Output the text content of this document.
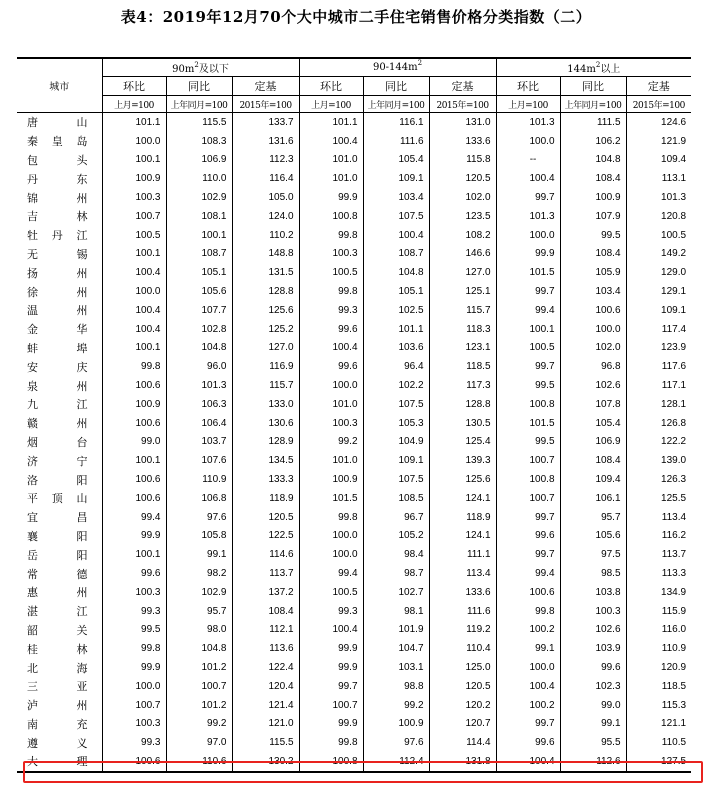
表4：2019年12月70个大中城市二手住宅销售价格分类指数（二）
城市	$90m^2$及以下			$90-144m^2$			$144m^2$以上		
	环比	同比	定基	环比	同比	定基	环比	同比	定基
	上月=100	上年同月=100	2015年=100	上月=100	上年同月=100	2015年=100	上月=100	上年同月=100	2015年=100
唐山	101.1	115.5	133.7	101.1	116.1	131.0	101.3	111.5	124.6
秦皇岛	100.0	108.3	131.6	100.4	111.6	133.6	100.0	106.2	121.9
包头	100.1	106.9	112.3	101.0	105.4	115.8	--	104.8	109.4
丹东	100.9	110.0	116.4	101.0	109.1	120.5	100.4	108.4	113.1
锦州	100.3	102.9	105.0	99.9	103.4	102.0	99.7	100.9	101.3
吉林	100.7	108.1	124.0	100.8	107.5	123.5	101.3	107.9	120.8
牡丹江	100.5	100.1	110.2	99.8	100.4	108.2	100.0	99.5	100.5
无锡	100.1	108.7	148.8	100.3	108.7	146.6	99.9	108.4	149.2
扬州	100.4	105.1	131.5	100.5	104.8	127.0	101.5	105.9	129.0
徐州	100.0	105.6	128.8	99.8	105.1	125.1	99.7	103.4	129.1
温州	100.4	107.7	125.6	99.3	102.5	115.7	99.4	100.6	109.1
金华	100.4	102.8	125.2	99.6	101.1	118.3	100.1	100.0	117.4
蚌埠	100.1	104.8	127.0	100.4	103.6	123.1	100.5	102.0	123.9
安庆	99.8	96.0	116.9	99.6	96.4	118.5	99.7	96.8	117.6
泉州	100.6	101.3	115.7	100.0	102.2	117.3	99.5	102.6	117.1
九江	100.9	106.3	133.0	101.0	107.5	128.8	100.8	107.8	128.1
赣州	100.6	106.4	130.6	100.3	105.3	130.5	101.5	105.4	126.8
烟台	99.0	103.7	128.9	99.2	104.9	125.4	99.5	106.9	122.2
济宁	100.1	107.6	134.5	101.0	109.1	139.3	100.7	108.4	139.0
洛阳	100.6	110.9	133.3	100.9	107.5	125.6	100.8	109.4	126.3
平顶山	100.6	106.8	118.9	101.5	108.5	124.1	100.7	106.1	125.5
宜昌	99.4	97.6	120.5	99.8	96.7	118.9	99.7	95.7	113.4
襄阳	99.9	105.8	122.5	100.0	105.2	124.1	99.6	105.6	116.2
岳阳	100.1	99.1	114.6	100.0	98.4	111.1	99.7	97.5	113.7
常德	99.6	98.2	113.7	99.4	98.7	113.4	99.4	98.5	113.3
惠州	100.3	102.9	137.2	100.5	102.7	133.6	100.6	103.8	134.9
湛江	99.3	95.7	108.4	99.3	98.1	111.6	99.8	100.3	115.9
韶关	99.5	98.0	112.1	100.4	101.9	119.2	100.2	102.6	116.0
桂林	99.8	104.8	113.6	99.9	104.7	110.4	99.1	103.9	110.9
北海	99.9	101.2	122.4	99.9	103.1	125.0	100.0	99.6	120.9
三亚	100.0	100.7	120.4	99.7	98.8	120.5	100.4	102.3	118.5
泸州	100.7	101.2	121.4	100.7	99.2	120.2	100.2	99.0	115.3
南充	100.3	99.2	121.0	99.9	100.9	120.7	99.7	99.1	121.1
遵义	99.3	97.0	115.5	99.8	97.6	114.4	99.6	95.5	110.5
大理	100.6	110.6	130.2	100.8	112.4	131.8	100.4	112.6	127.5
